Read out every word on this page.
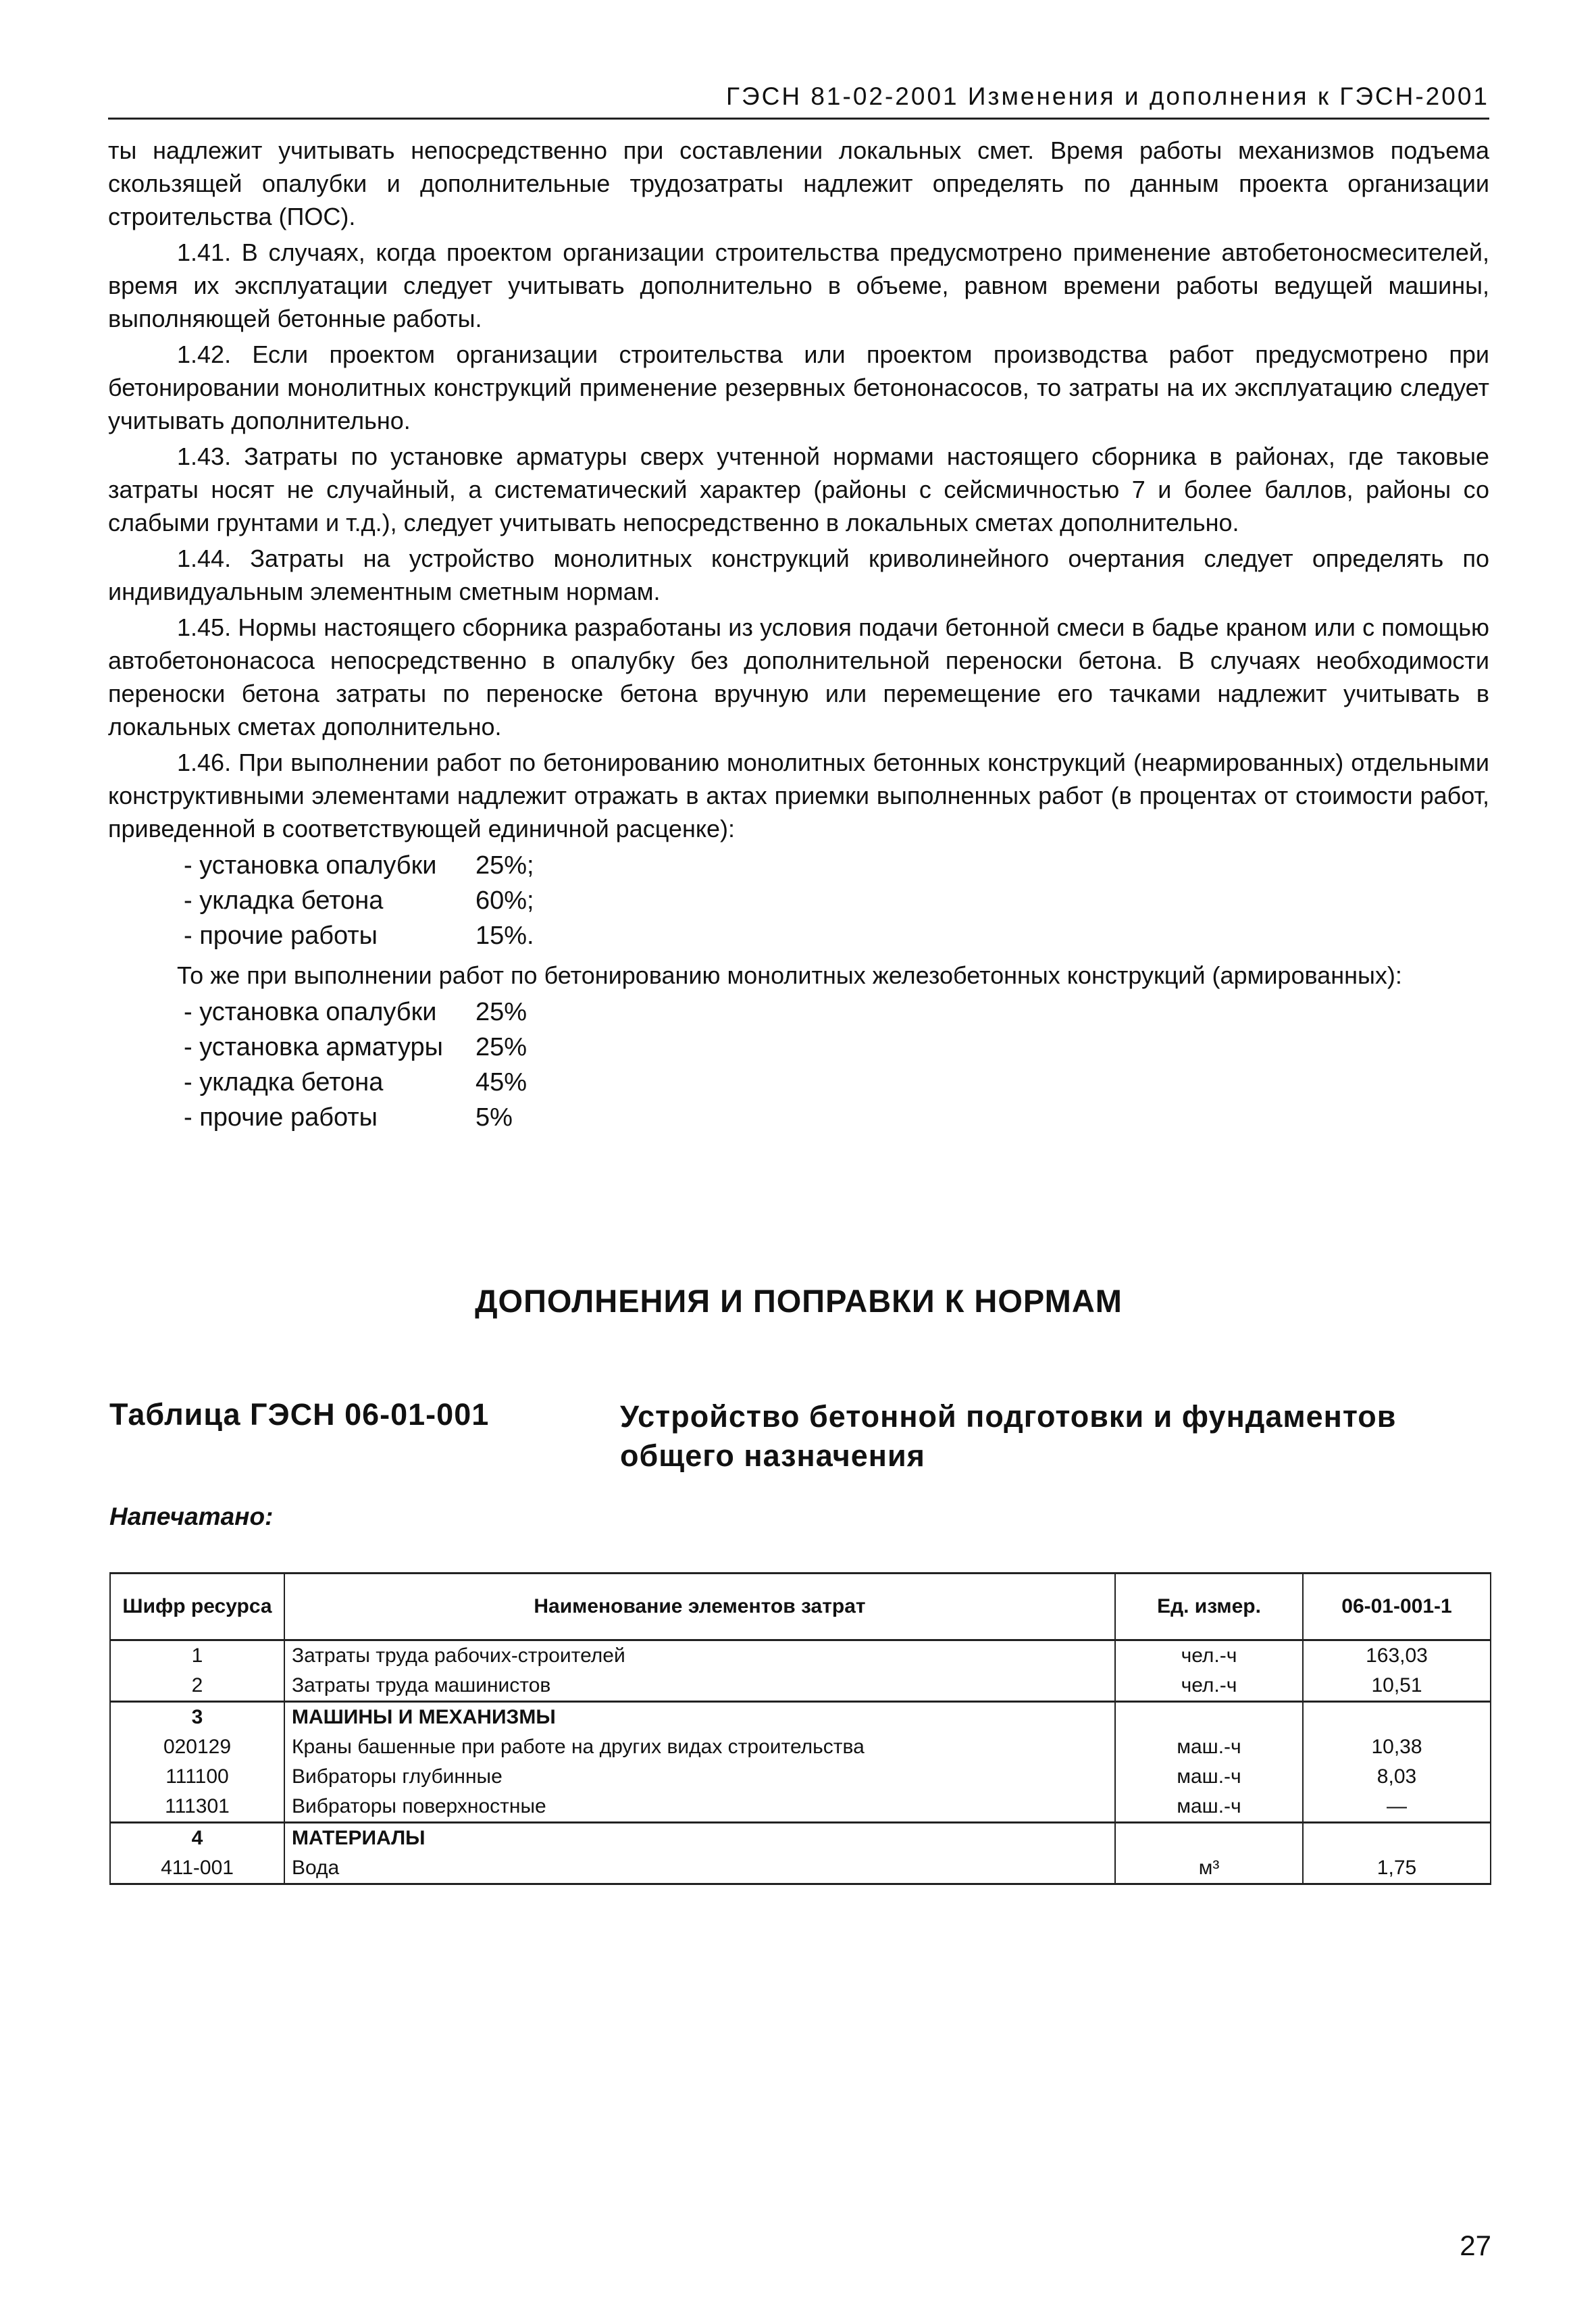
ГЭСН 81-02-2001 Изменения и дополнения к ГЭСН-2001

ты надлежит учитывать непосредственно при составлении локальных смет. Время работы механизмов подъема скользящей опалубки и дополнительные трудозатраты надлежит определять по данным проекта организации строительства (ПОС).

1.41. В случаях, когда проектом организации строительства предусмотрено применение автобетоносмесителей, время их эксплуатации следует учитывать дополнительно в объеме, равном времени работы ведущей машины, выполняющей бетонные работы.

1.42. Если проектом организации строительства или проектом производства работ предусмотрено при бетонировании монолитных конструкций применение резервных бетононасосов, то затраты на их эксплуатацию следует учитывать дополнительно.

1.43. Затраты по установке арматуры сверх учтенной нормами настоящего сборника в районах, где таковые затраты носят не случайный, а систематический характер (районы с сейсмичностью 7 и более баллов, районы со слабыми грунтами и т.д.), следует учитывать непосредственно в локальных сметах дополнительно.

1.44. Затраты на устройство монолитных конструкций криволинейного очертания следует определять по индивидуальным элементным сметным нормам.

1.45. Нормы настоящего сборника разработаны из условия подачи бетонной смеси в бадье краном или с помощью автобетононасоса непосредственно в опалубку без дополнительной переноски бетона. В случаях необходимости переноски бетона затраты по переноске бетона вручную или перемещение его тачками надлежит учитывать в локальных сметах дополнительно.

1.46. При выполнении работ по бетонированию монолитных бетонных конструкций (неармированных) отдельными конструктивными элементами надлежит отражать в актах приемки выполненных работ (в процентах от стоимости работ, приведенной в соответствующей единичной расценке):

- установка опалубки	25%;
- укладка бетона	60%;
- прочие работы	15%.

То же при выполнении работ по бетонированию монолитных железобетонных конструкций (армированных):

- установка опалубки	25%
- установка арматуры	25%
- укладка бетона	45%
- прочие работы	5%
ДОПОЛНЕНИЯ И ПОПРАВКИ К НОРМАМ
Таблица ГЭСН 06-01-001	Устройство бетонной подготовки и фундаментов общего назначения
Напечатано:
Шифр ресурса	Наименование элементов затрат	Ед. измер.	06-01-001-1
1	Затраты труда рабочих-строителей	чел.-ч	163,03
2	Затраты труда машинистов	чел.-ч	10,51
3	МАШИНЫ И МЕХАНИЗМЫ		
020129	Краны башенные при работе на других видах строительства	маш.-ч	10,38
111100	Вибраторы глубинные	маш.-ч	8,03
111301	Вибраторы поверхностные	маш.-ч	—
4	МАТЕРИАЛЫ		
411-001	Вода	м³	1,75
27
